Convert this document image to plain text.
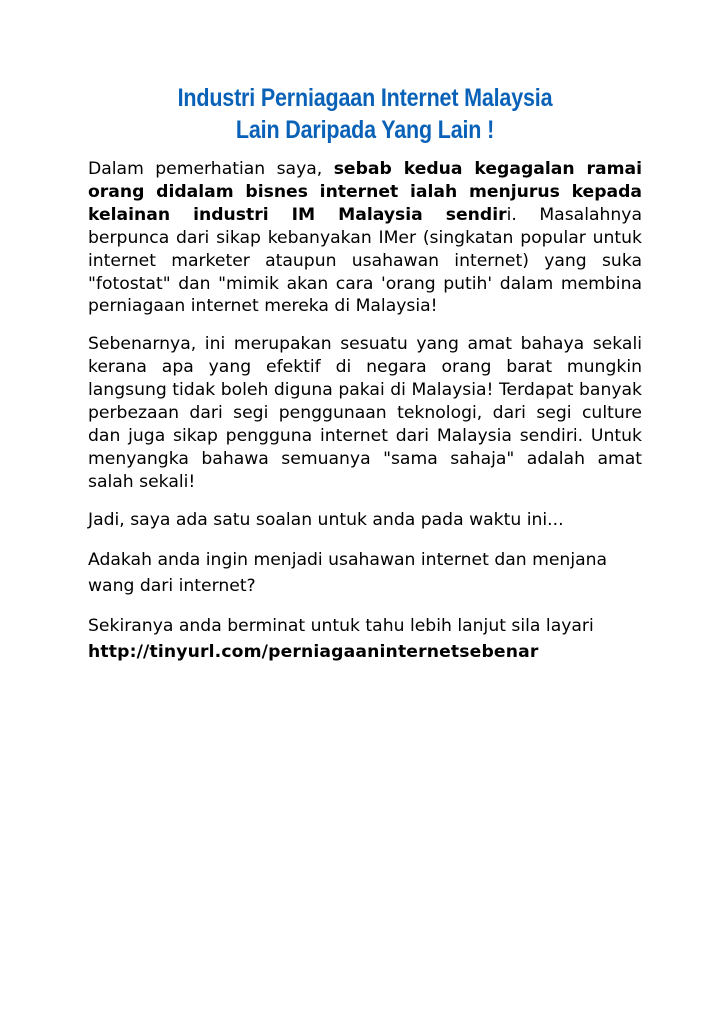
Industri Perniagaan Internet Malaysia
Lain Daripada Yang Lain !

Dalam pemerhatian saya, sebab kedua kegagalan ramai orang didalam bisnes internet ialah menjurus kepada kelainan industri IM Malaysia sendiri. Masalahnya berpunca dari sikap kebanyakan IMer (singkatan popular untuk internet marketer ataupun usahawan internet) yang suka "fotostat" dan "mimik akan cara 'orang putih' dalam membina perniagaan internet mereka di Malaysia!

Sebenarnya, ini merupakan sesuatu yang amat bahaya sekali kerana apa yang efektif di negara orang barat mungkin langsung tidak boleh diguna pakai di Malaysia! Terdapat banyak perbezaan dari segi penggunaan teknologi, dari segi culture dan juga sikap pengguna internet dari Malaysia sendiri. Untuk menyangka bahawa semuanya "sama sahaja" adalah amat salah sekali!

Jadi, saya ada satu soalan untuk anda pada waktu ini...

Adakah anda ingin menjadi usahawan internet dan menjana wang dari internet?

Sekiranya anda berminat untuk tahu lebih lanjut sila layari
http://tinyurl.com/perniagaaninternetsebenar
